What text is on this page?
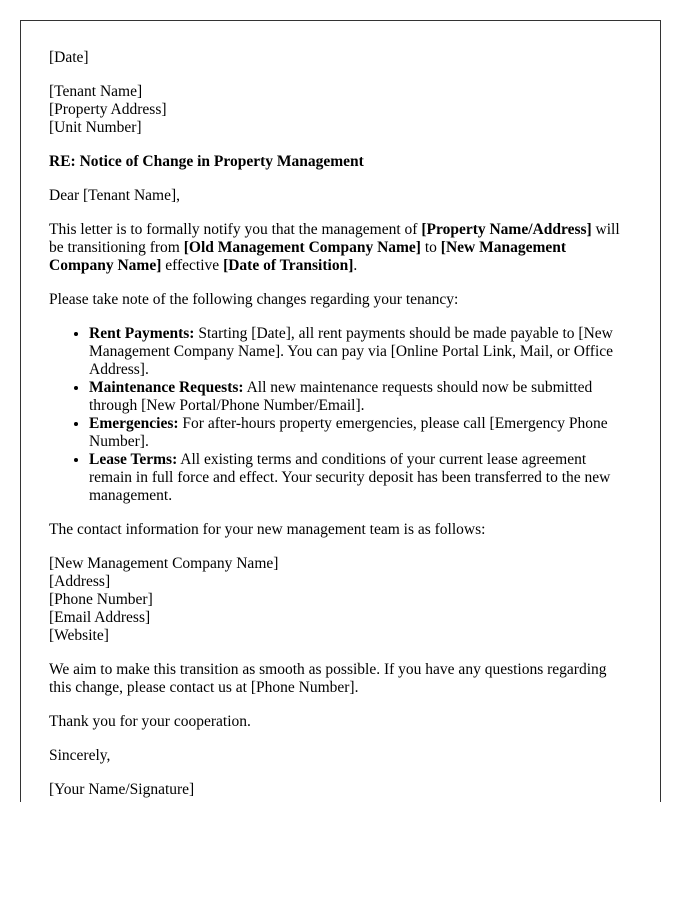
[Date]

[Tenant Name]
[Property Address]
[Unit Number]

RE: Notice of Change in Property Management

Dear [Tenant Name],

This letter is to formally notify you that the management of [Property Name/Address] will be transitioning from [Old Management Company Name] to [New Management Company Name] effective [Date of Transition].

Please take note of the following changes regarding your tenancy:

• Rent Payments: Starting [Date], all rent payments should be made payable to [New Management Company Name]. You can pay via [Online Portal Link, Mail, or Office Address].
• Maintenance Requests: All new maintenance requests should now be submitted through [New Portal/Phone Number/Email].
• Emergencies: For after-hours property emergencies, please call [Emergency Phone Number].
• Lease Terms: All existing terms and conditions of your current lease agreement remain in full force and effect. Your security deposit has been transferred to the new management.

The contact information for your new management team is as follows:

[New Management Company Name]
[Address]
[Phone Number]
[Email Address]
[Website]

We aim to make this transition as smooth as possible. If you have any questions regarding this change, please contact us at [Phone Number].

Thank you for your cooperation.

Sincerely,

[Your Name/Signature]
